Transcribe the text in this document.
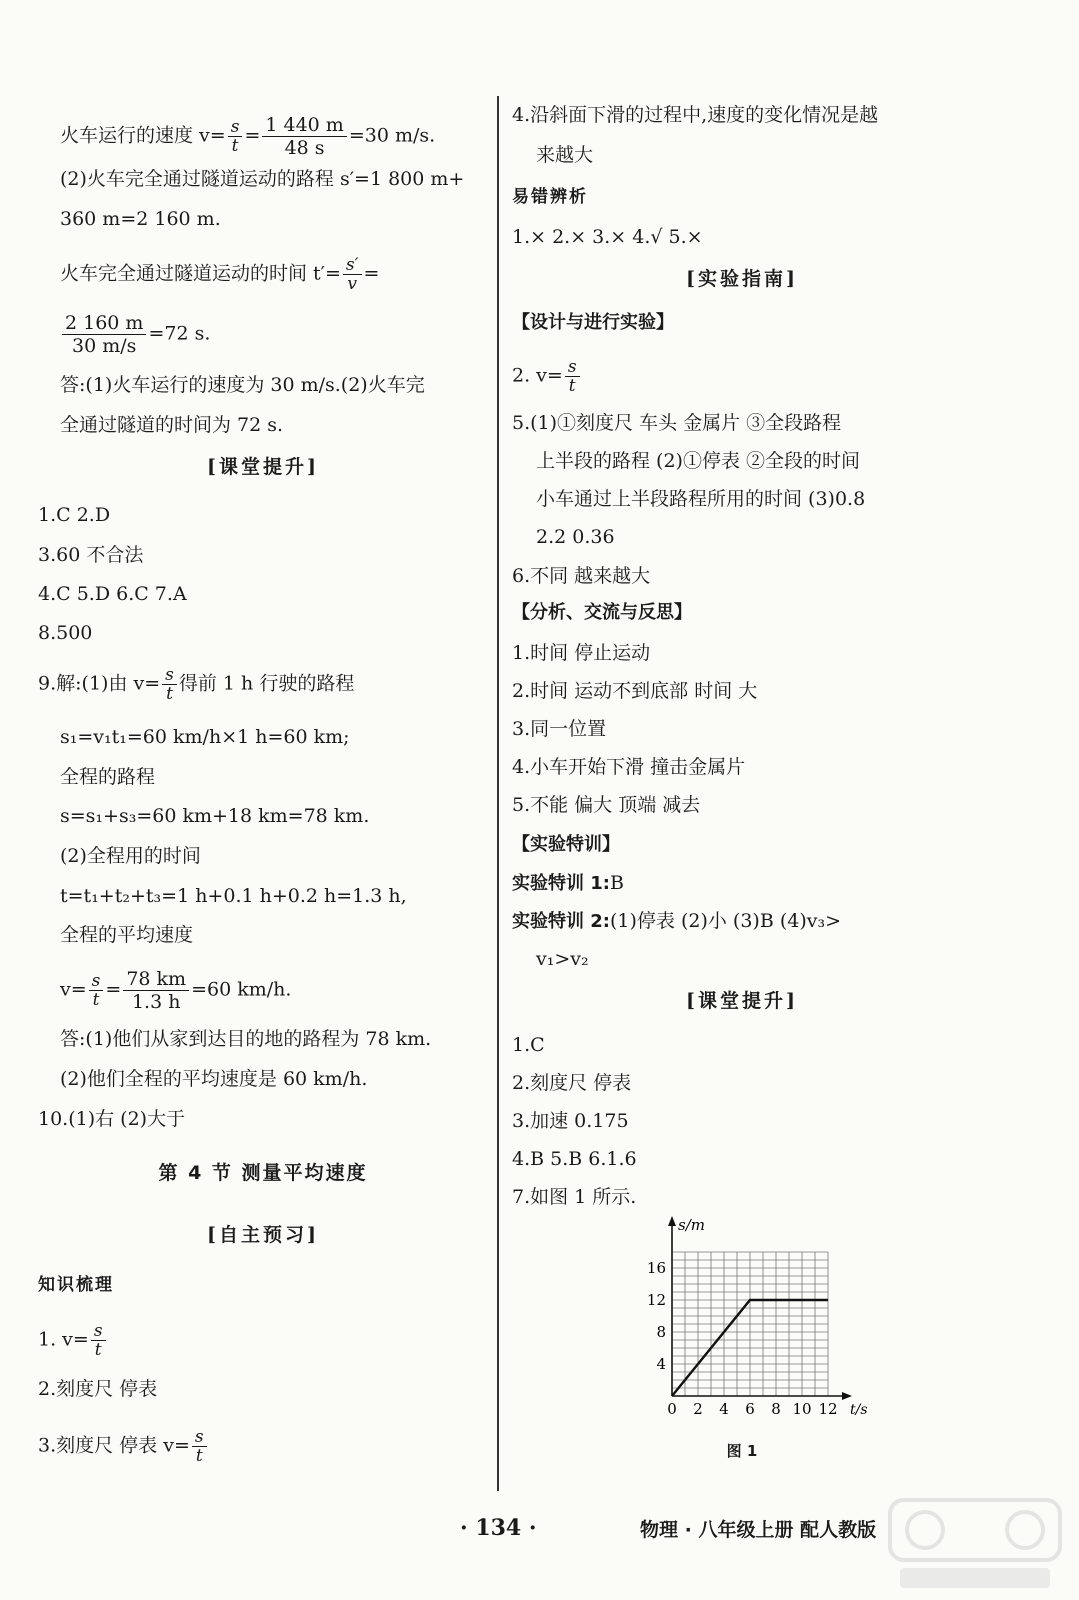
火车运行的速度 $v= \frac{s}{t} = \frac{1 440 m}{48 s} =30$ m/s.
(2)火车完全通过隧道运动的路程 s′=1 800 m+
360 m=2 160 m.
火车完全通过隧道运动的时间 $t'= \frac{s'}{v}$ =
$\frac{2 160 m}{30 m/s} =72$ s.
答:(1)火车运行的速度为 30 m/s.(2)火车完
全通过隧道的时间为 72 s.
[课堂提升]
1.C 2.D
3.60 不合法
4.C 5.D 6.C 7.A
8.500
9.解:(1)由 $v= \frac{s}{t}$ 得前 1 h 行驶的路程
s₁=v₁t₁=60 km/h×1 h=60 km;
全程的路程
s=s₁+s₃=60 km+18 km=78 km.
(2)全程用的时间
t=t₁+t₂+t₃=1 h+0.1 h+0.2 h=1.3 h,
全程的平均速度
$v= \frac{s}{t} = \frac{78 km}{1.3 h} =60$ km/h.
答:(1)他们从家到达目的地的路程为 78 km.
(2)他们全程的平均速度是 60 km/h.
10.(1)右 (2)大于
第 4 节 测量平均速度
[自主预习]
知识梳理
1. $v= \frac{s}{t}$
2.刻度尺 停表
3.刻度尺 停表 $v= \frac{s}{t}$
4.沿斜面下滑的过程中,速度的变化情况是越
来越大
易错辨析
1.× 2.× 3.× 4.√ 5.×
[实验指南]
【设计与进行实验】
2. $v= \frac{s}{t}$
5.(1)①刻度尺 车头 金属片 ③全段路程
上半段的路程 (2)①停表 ②全段的时间
小车通过上半段路程所用的时间 (3)0.8
2.2 0.36
6.不同 越来越大
【分析、交流与反思】
1.时间 停止运动
2.时间 运动不到底部 时间 大
3.同一位置
4.小车开始下滑 撞击金属片
5.不能 偏大 顶端 减去
【实验特训】
实验特训 1:B
实验特训 2:(1)停表 (2)小 (3)B (4)v₃>
v₁>v₂
[课堂提升]
1.C
2.刻度尺 停表
3.加速 0.175
4.B 5.B 6.1.6
7.如图 1 所示.
0 2 4 6 8 10 12
4
8
12
16
s/m
t/s
图 1
· 134 ·	物理 · 八年级上册 配人教版
